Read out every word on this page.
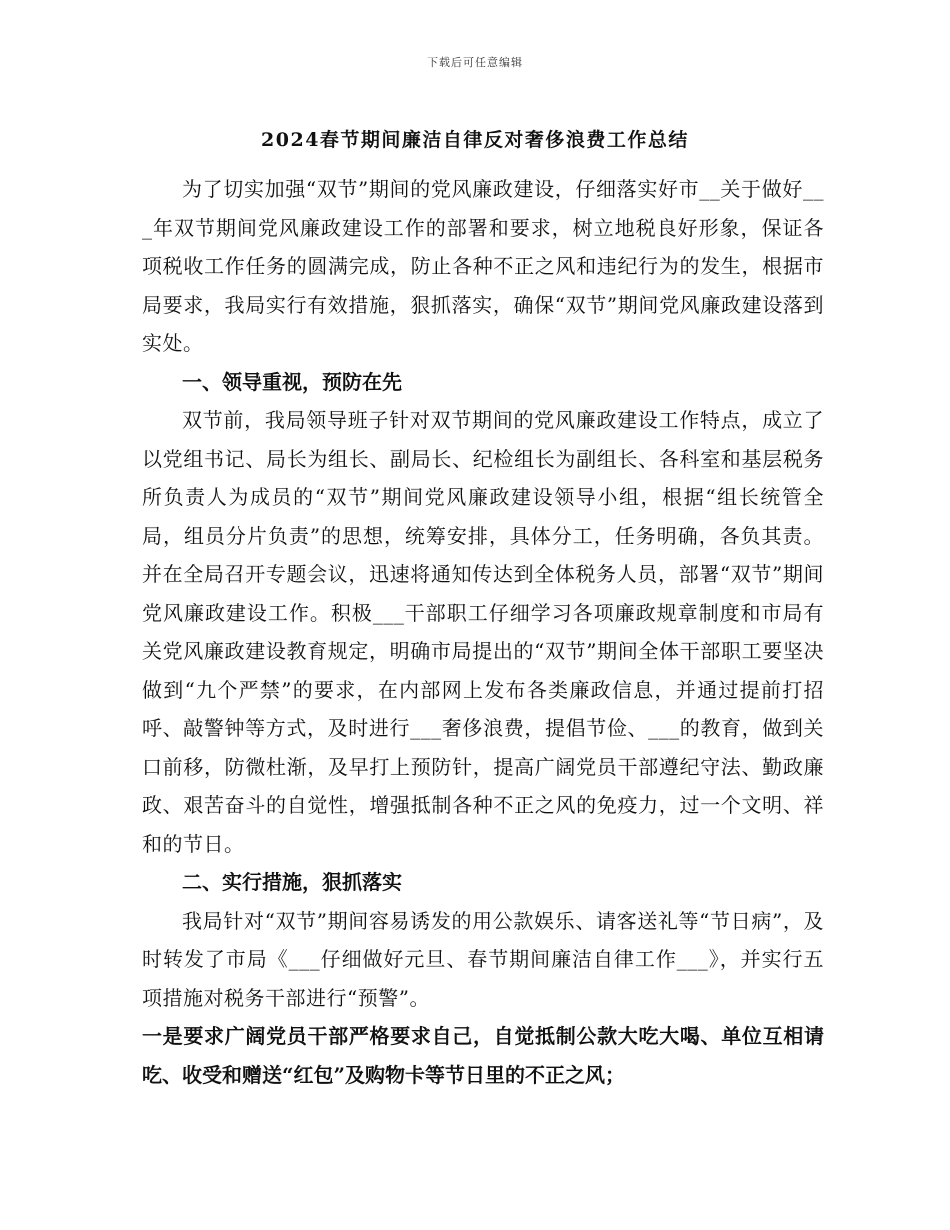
下载后可任意编辑
2024春节期间廉洁自律反对奢侈浪费工作总结

为了切实加强“双节”期间的党风廉政建设，仔细落实好市__关于做好___年双节期间党风廉政建设工作的部署和要求，树立地税良好形象，保证各项税收工作任务的圆满完成，防止各种不正之风和违纪行为的发生，根据市局要求，我局实行有效措施，狠抓落实，确保“双节”期间党风廉政建设落到实处。

一、领导重视，预防在先

双节前，我局领导班子针对双节期间的党风廉政建设工作特点，成立了以党组书记、局长为组长、副局长、纪检组长为副组长、各科室和基层税务所负责人为成员的“双节”期间党风廉政建设领导小组，根据“组长统管全局，组员分片负责”的思想，统筹安排，具体分工，任务明确，各负其责。并在全局召开专题会议，迅速将通知传达到全体税务人员，部署“双节”期间党风廉政建设工作。积极___干部职工仔细学习各项廉政规章制度和市局有关党风廉政建设教育规定，明确市局提出的“双节”期间全体干部职工要坚决做到“九个严禁”的要求，在内部网上发布各类廉政信息，并通过提前打招呼、敲警钟等方式，及时进行___奢侈浪费，提倡节俭、___的教育，做到关口前移，防微杜渐，及早打上预防针，提高广阔党员干部遵纪守法、勤政廉政、艰苦奋斗的自觉性，增强抵制各种不正之风的免疫力，过一个文明、祥和的节日。

二、实行措施，狠抓落实

我局针对“双节”期间容易诱发的用公款娱乐、请客送礼等“节日病”，及时转发了市局《___仔细做好元旦、春节期间廉洁自律工作___》，并实行五项措施对税务干部进行“预警”。

一是要求广阔党员干部严格要求自己，自觉抵制公款大吃大喝、单位互相请吃、收受和赠送“红包”及购物卡等节日里的不正之风；
